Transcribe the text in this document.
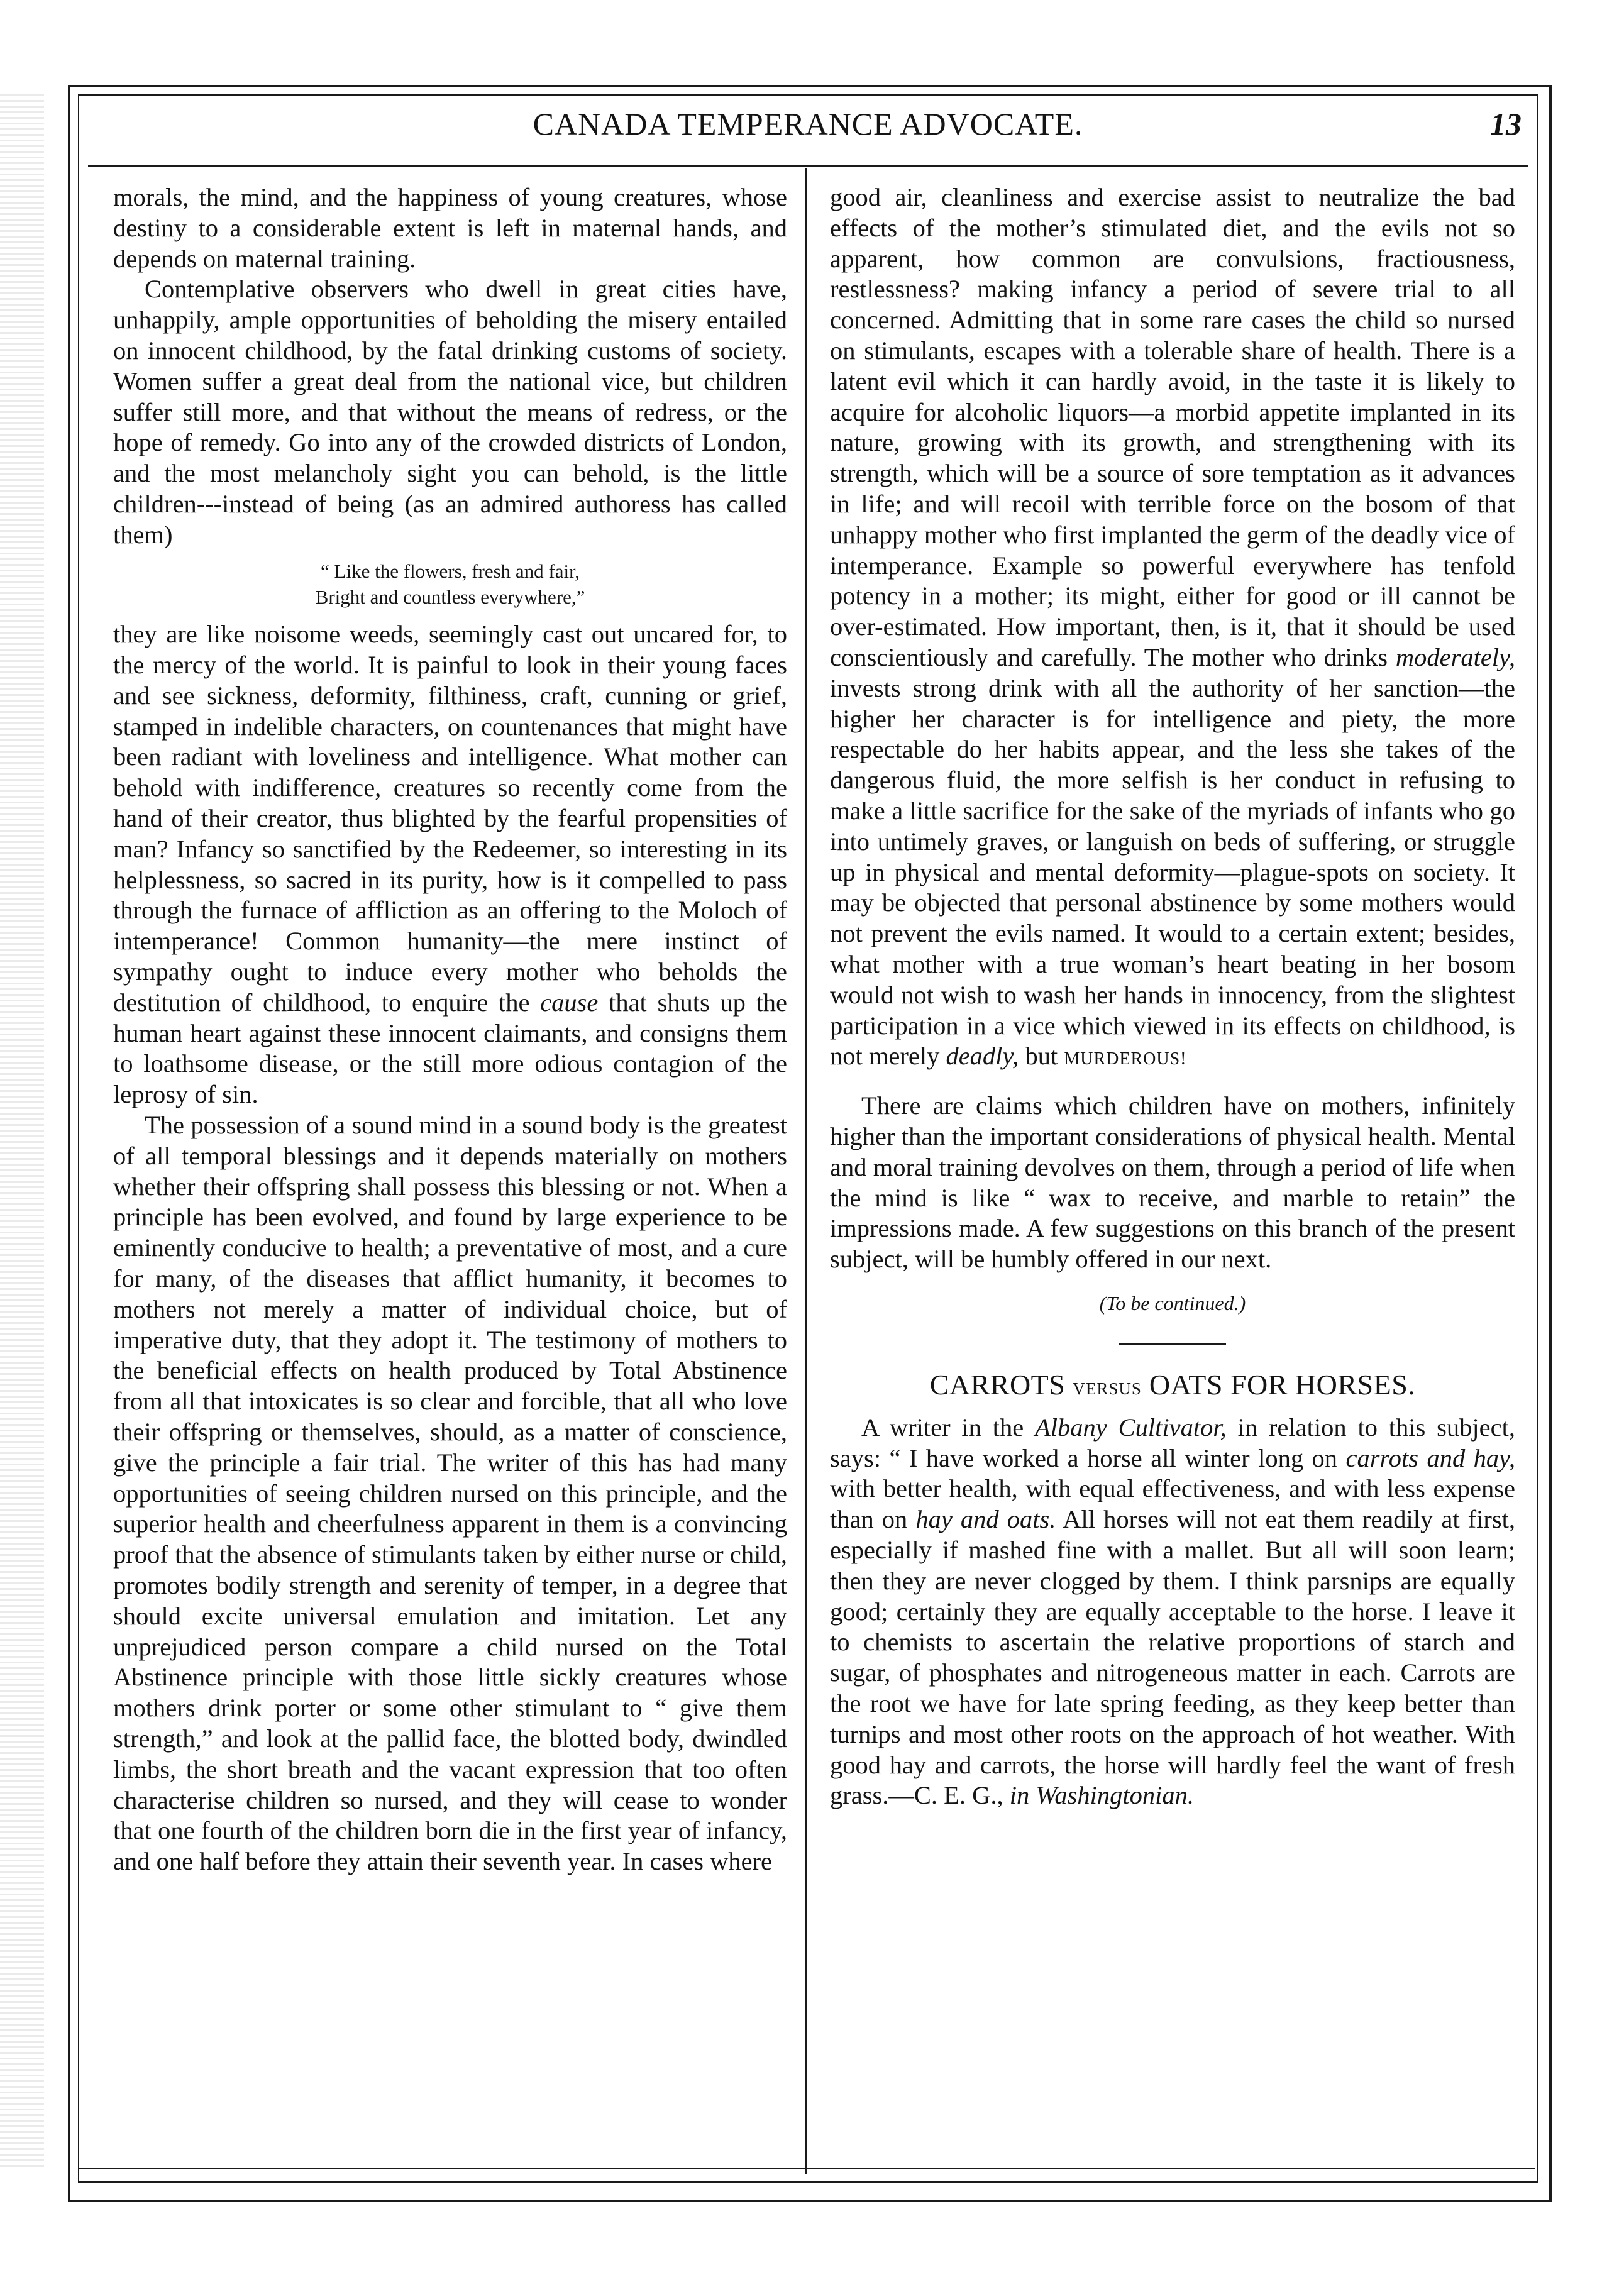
CANADA TEMPERANCE ADVOCATE.	13

morals, the mind, and the happiness of young creatures, whose destiny to a considerable extent is left in maternal hands, and depends on maternal training.

Contemplative observers who dwell in great cities have, unhappily, ample opportunities of beholding the misery entailed on innocent childhood, by the fatal drinking customs of society. Women suffer a great deal from the national vice, but children suffer still more, and that without the means of redress, or the hope of remedy. Go into any of the crowded districts of London, and the most melancholy sight you can behold, is the little children---instead of being (as an admired authoress has called them)

“ Like the flowers, fresh and fair,
Bright and countless everywhere,”

they are like noisome weeds, seemingly cast out uncared for, to the mercy of the world. It is painful to look in their young faces and see sickness, deformity, filthiness, craft, cunning or grief, stamped in indelible characters, on countenances that might have been radiant with loveliness and intelligence. What mother can behold with indifference, creatures so recently come from the hand of their creator, thus blighted by the fearful propensities of man? Infancy so sanctified by the Redeemer, so interesting in its helplessness, so sacred in its purity, how is it compelled to pass through the furnace of affliction as an offering to the Moloch of intemperance! Common humanity—the mere instinct of sympathy ought to induce every mother who beholds the destitution of childhood, to enquire the cause that shuts up the human heart against these innocent claimants, and consigns them to loathsome disease, or the still more odious contagion of the leprosy of sin.

The possession of a sound mind in a sound body is the greatest of all temporal blessings and it depends materially on mothers whether their offspring shall possess this blessing or not. When a principle has been evolved, and found by large experience to be eminently conducive to health; a preventative of most, and a cure for many, of the diseases that afflict humanity, it becomes to mothers not merely a matter of individual choice, but of imperative duty, that they adopt it. The testimony of mothers to the beneficial effects on health produced by Total Abstinence from all that intoxicates is so clear and forcible, that all who love their offspring or themselves, should, as a matter of conscience, give the principle a fair trial. The writer of this has had many opportunities of seeing children nursed on this principle, and the superior health and cheerfulness apparent in them is a convincing proof that the absence of stimulants taken by either nurse or child, promotes bodily strength and serenity of temper, in a degree that should excite universal emulation and imitation. Let any unprejudiced person compare a child nursed on the Total Abstinence principle with those little sickly creatures whose mothers drink porter or some other stimulant to “ give them strength,” and look at the pallid face, the blotted body, dwindled limbs, the short breath and the vacant expression that too often characterise children so nursed, and they will cease to wonder that one fourth of the children born die in the first year of infancy, and one half before they attain their seventh year. In cases where

good air, cleanliness and exercise assist to neutralize the bad effects of the mother’s stimulated diet, and the evils not so apparent, how common are convulsions, fractiousness, restlessness? making infancy a period of severe trial to all concerned. Admitting that in some rare cases the child so nursed on stimulants, escapes with a tolerable share of health. There is a latent evil which it can hardly avoid, in the taste it is likely to acquire for alcoholic liquors—a morbid appetite implanted in its nature, growing with its growth, and strengthening with its strength, which will be a source of sore temptation as it advances in life; and will recoil with terrible force on the bosom of that unhappy mother who first implanted the germ of the deadly vice of intemperance. Example so powerful everywhere has tenfold potency in a mother; its might, either for good or ill cannot be over-estimated. How important, then, is it, that it should be used conscientiously and carefully. The mother who drinks moderately, invests strong drink with all the authority of her sanction—the higher her character is for intelligence and piety, the more respectable do her habits appear, and the less she takes of the dangerous fluid, the more selfish is her conduct in refusing to make a little sacrifice for the sake of the myriads of infants who go into untimely graves, or languish on beds of suffering, or struggle up in physical and mental deformity—plague-spots on society. It may be objected that personal abstinence by some mothers would not prevent the evils named. It would to a certain extent; besides, what mother with a true woman’s heart beating in her bosom would not wish to wash her hands in innocency, from the slightest participation in a vice which viewed in its effects on childhood, is not merely deadly, but MURDEROUS!

There are claims which children have on mothers, infinitely higher than the important considerations of physical health. Mental and moral training devolves on them, through a period of life when the mind is like “ wax to receive, and marble to retain” the impressions made. A few suggestions on this branch of the present subject, will be humbly offered in our next.

(To be continued.)
CARROTS VERSUS OATS FOR HORSES.

A writer in the Albany Cultivator, in relation to this subject, says: “ I have worked a horse all winter long on carrots and hay, with better health, with equal effectiveness, and with less expense than on hay and oats. All horses will not eat them readily at first, especially if mashed fine with a mallet. But all will soon learn; then they are never clogged by them. I think parsnips are equally good; certainly they are equally acceptable to the horse. I leave it to chemists to ascertain the relative proportions of starch and sugar, of phosphates and nitrogeneous matter in each. Carrots are the root we have for late spring feeding, as they keep better than turnips and most other roots on the approach of hot weather. With good hay and carrots, the horse will hardly feel the want of fresh grass.—C. E. G., in Washingtonian.
